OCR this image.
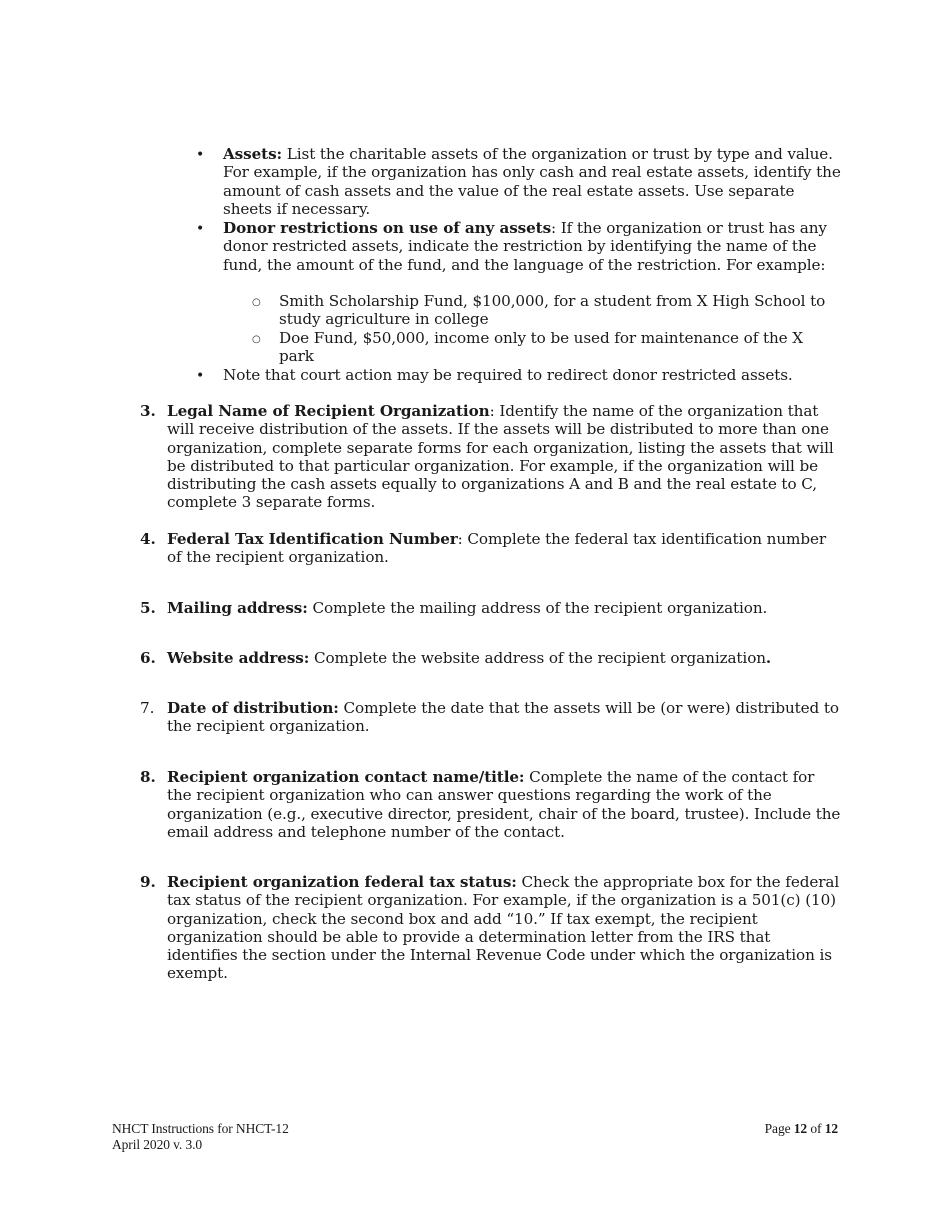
•
Assets: List the charitable assets of the organization or trust by type and value. For example, if the organization has only cash and real estate assets, identify the amount of cash assets and the value of the real estate assets. Use separate sheets if necessary.
•
Donor restrictions on use of any assets: If the organization or trust has any donor restricted assets, indicate the restriction by identifying the name of the fund, the amount of the fund, and the language of the restriction. For example:
○
Smith Scholarship Fund, $100,000, for a student from X High School to study agriculture in college
○
Doe Fund, $50,000, income only to be used for maintenance of the X park
•
Note that court action may be required to redirect donor restricted assets.
3. Legal Name of Recipient Organization: Identify the name of the organization that will receive distribution of the assets. If the assets will be distributed to more than one organization, complete separate forms for each organization, listing the assets that will be distributed to that particular organization. For example, if the organization will be distributing the cash assets equally to organizations A and B and the real estate to C, complete 3 separate forms.
4. Federal Tax Identification Number: Complete the federal tax identification number of the recipient organization.
5. Mailing address: Complete the mailing address of the recipient organization.
6. Website address: Complete the website address of the recipient organization.
7. Date of distribution: Complete the date that the assets will be (or were) distributed to the recipient organization.
8. Recipient organization contact name/title: Complete the name of the contact for the recipient organization who can answer questions regarding the work of the organization (e.g., executive director, president, chair of the board, trustee). Include the email address and telephone number of the contact.
9. Recipient organization federal tax status: Check the appropriate box for the federal tax status of the recipient organization. For example, if the organization is a 501(c) (10) organization, check the second box and add “10.” If tax exempt, the recipient organization should be able to provide a determination letter from the IRS that identifies the section under the Internal Revenue Code under which the organization is exempt.
NHCT Instructions for NHCT-12
April 2020 v. 3.0
Page 12 of 12
